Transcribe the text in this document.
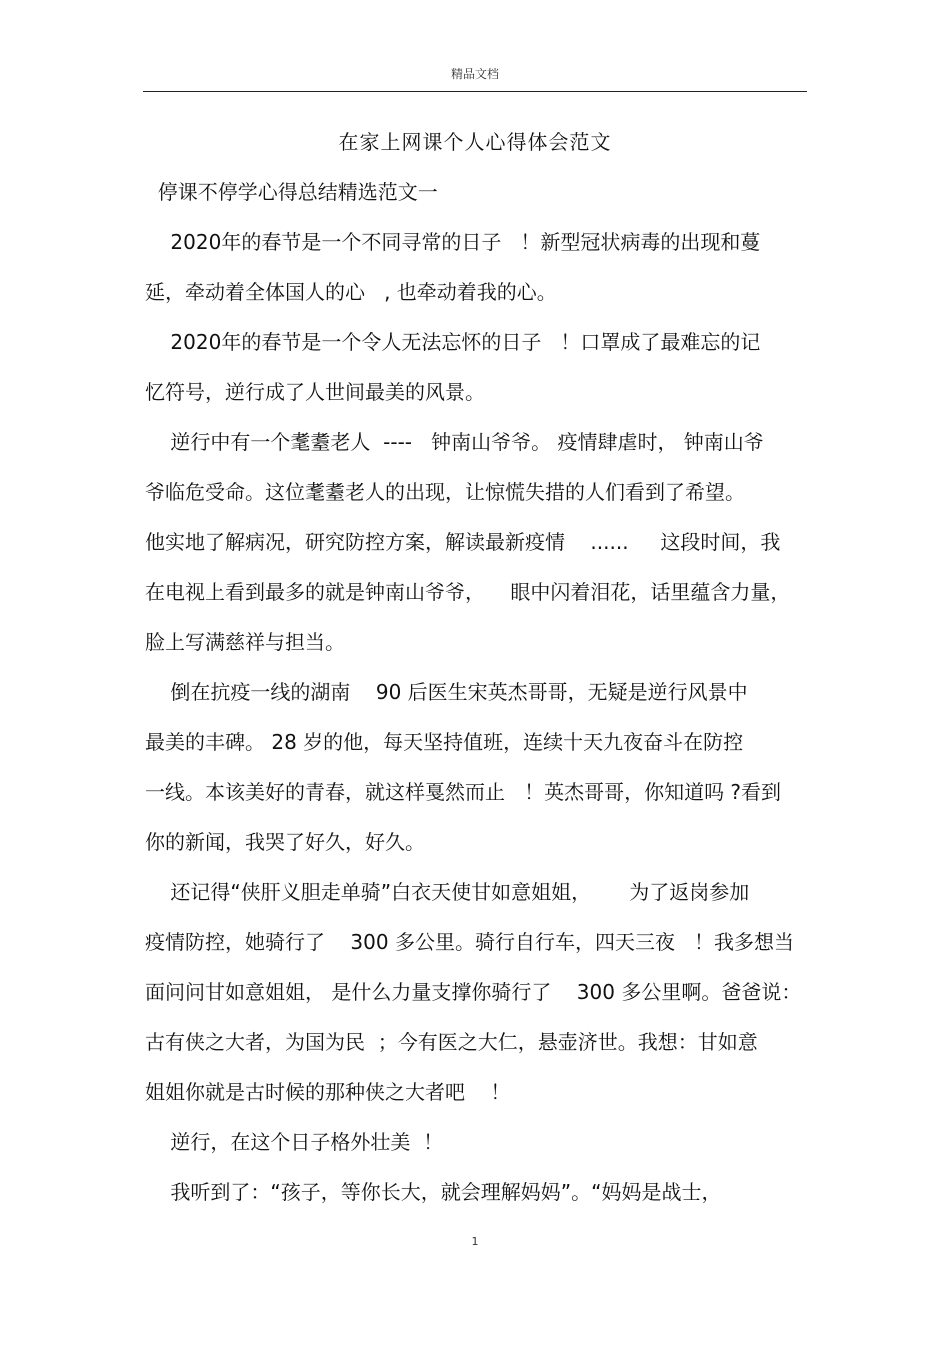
精品文档
在家上网课个人心得体会范文
停课不停学心得总结精选范文一
2020年的春节是一个不同寻常的日子   ！新型冠状病毒的出现和蔓
延，牵动着全体国人的心   , 也牵动着我的心。
2020年的春节是一个令人无法忘怀的日子   ！口罩成了最难忘的记
忆符号，逆行成了人世间最美的风景。
逆行中有一个耄耋老人  ----   钟南山爷爷。 疫情肆虐时， 钟南山爷
爷临危受命。这位耄耋老人的出现，让惊慌失措的人们看到了希望。
他实地了解病况，研究防控方案，解读最新疫情    ......     这段时间，我
在电视上看到最多的就是钟南山爷爷，    眼中闪着泪花，话里蕴含力量，
脸上写满慈祥与担当。
倒在抗疫一线的湖南    90 后医生宋英杰哥哥，无疑是逆行风景中
最美的丰碑。 28 岁的他，每天坚持值班，连续十天九夜奋斗在防控
一线。本该美好的青春，就这样戛然而止   ！英杰哥哥，你知道吗 ?看到
你的新闻，我哭了好久，好久。
还记得“侠肝义胆走单骑”白衣天使甘如意姐姐，      为了返岗参加
疫情防控，她骑行了    300 多公里。骑行自行车，四天三夜   ！我多想当
面问问甘如意姐姐， 是什么力量支撑你骑行了    300 多公里啊。爸爸说：
古有侠之大者，为国为民  ；今有医之大仁，悬壶济世。我想：甘如意
姐姐你就是古时候的那种侠之大者吧    ！
逆行，在这个日子格外壮美  ！
我听到了：“孩子，等你长大，就会理解妈妈”。“妈妈是战士，
1
